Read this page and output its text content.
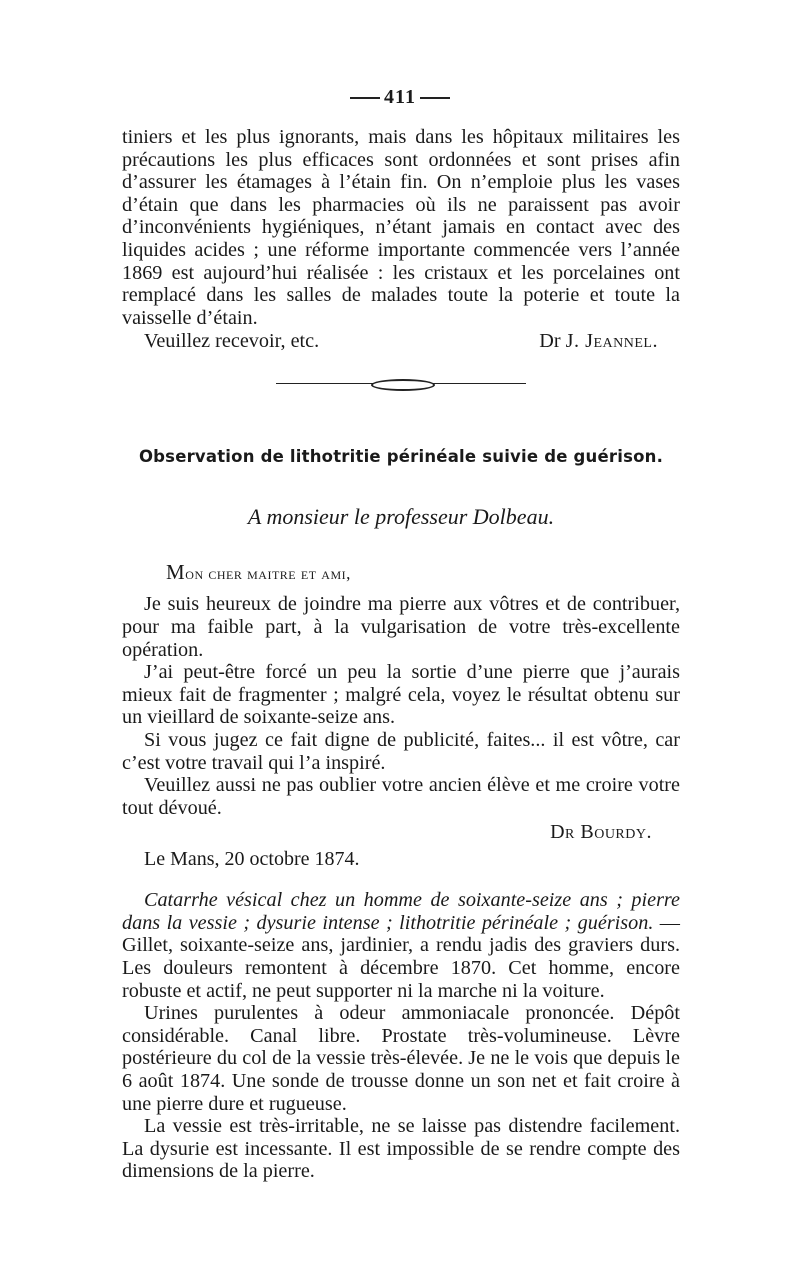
411

tiniers et les plus ignorants, mais dans les hôpitaux militaires les précautions les plus efficaces sont ordonnées et sont prises afin d’assurer les étamages à l’étain fin. On n’emploie plus les vases d’étain que dans les pharmacies où ils ne paraissent pas avoir d’inconvénients hygiéniques, n’étant jamais en contact avec des liquides acides ; une réforme importante commencée vers l’année 1869 est aujourd’hui réalisée : les cristaux et les porcelaines ont remplacé dans les salles de malades toute la poterie et toute la vaisselle d’étain.

Veuillez recevoir, etc.	Dr J. Jeannel.
Observation de lithotritie périnéale suivie de guérison.
A monsieur le professeur Dolbeau.
Mon cher maitre et ami,

Je suis heureux de joindre ma pierre aux vôtres et de contribuer, pour ma faible part, à la vulgarisation de votre très-excellente opération.

J’ai peut-être forcé un peu la sortie d’une pierre que j’aurais mieux fait de fragmenter ; malgré cela, voyez le résultat obtenu sur un vieillard de soixante-seize ans.

Si vous jugez ce fait digne de publicité, faites... il est vôtre, car c’est votre travail qui l’a inspiré.

Veuillez aussi ne pas oublier votre ancien élève et me croire votre tout dévoué.

Dr Bourdy.
Le Mans, 20 octobre 1874.

Catarrhe vésical chez un homme de soixante-seize ans ; pierre dans la vessie ; dysurie intense ; lithotritie périnéale ; guérison. — Gillet, soixante-seize ans, jardinier, a rendu jadis des graviers durs. Les douleurs remontent à décembre 1870. Cet homme, encore robuste et actif, ne peut supporter ni la marche ni la voiture.

Urines purulentes à odeur ammoniacale prononcée. Dépôt considérable. Canal libre. Prostate très-volumineuse. Lèvre postérieure du col de la vessie très-élevée. Je ne le vois que depuis le 6 août 1874. Une sonde de trousse donne un son net et fait croire à une pierre dure et rugueuse.

La vessie est très-irritable, ne se laisse pas distendre facilement. La dysurie est incessante. Il est impossible de se rendre compte des dimensions de la pierre.
